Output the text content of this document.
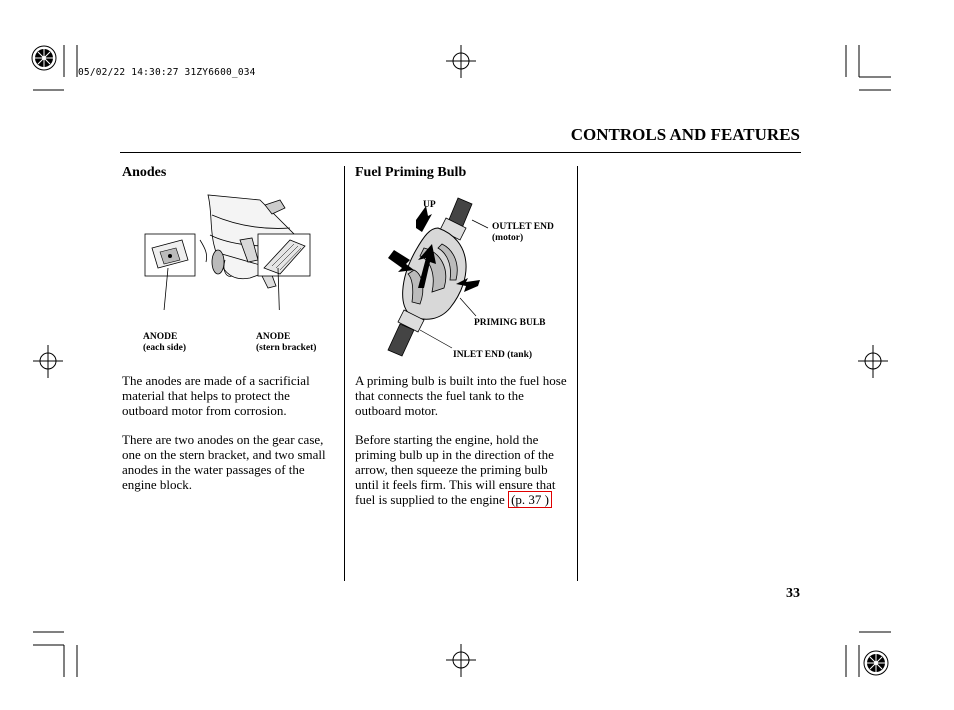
05/02/22 14:30:27 31ZY6600_034
CONTROLS AND FEATURES
Anodes
ANODE
(each side)
ANODE
(stern bracket)
The anodes are made of a sacrificial material that helps to protect the outboard motor from corrosion.
There are two anodes on the gear case, one on the stern bracket, and two small anodes in the water passages of the engine block.
Fuel Priming Bulb
UP
OUTLET END
(motor)
PRIMING BULB
INLET END (tank)
A priming bulb is built into the fuel hose that connects the fuel tank to the outboard motor.
Before starting the engine, hold the priming bulb up in the direction of the arrow, then squeeze the priming bulb until it feels firm. This will ensure that fuel is supplied to the engine (p. 37 )
33
